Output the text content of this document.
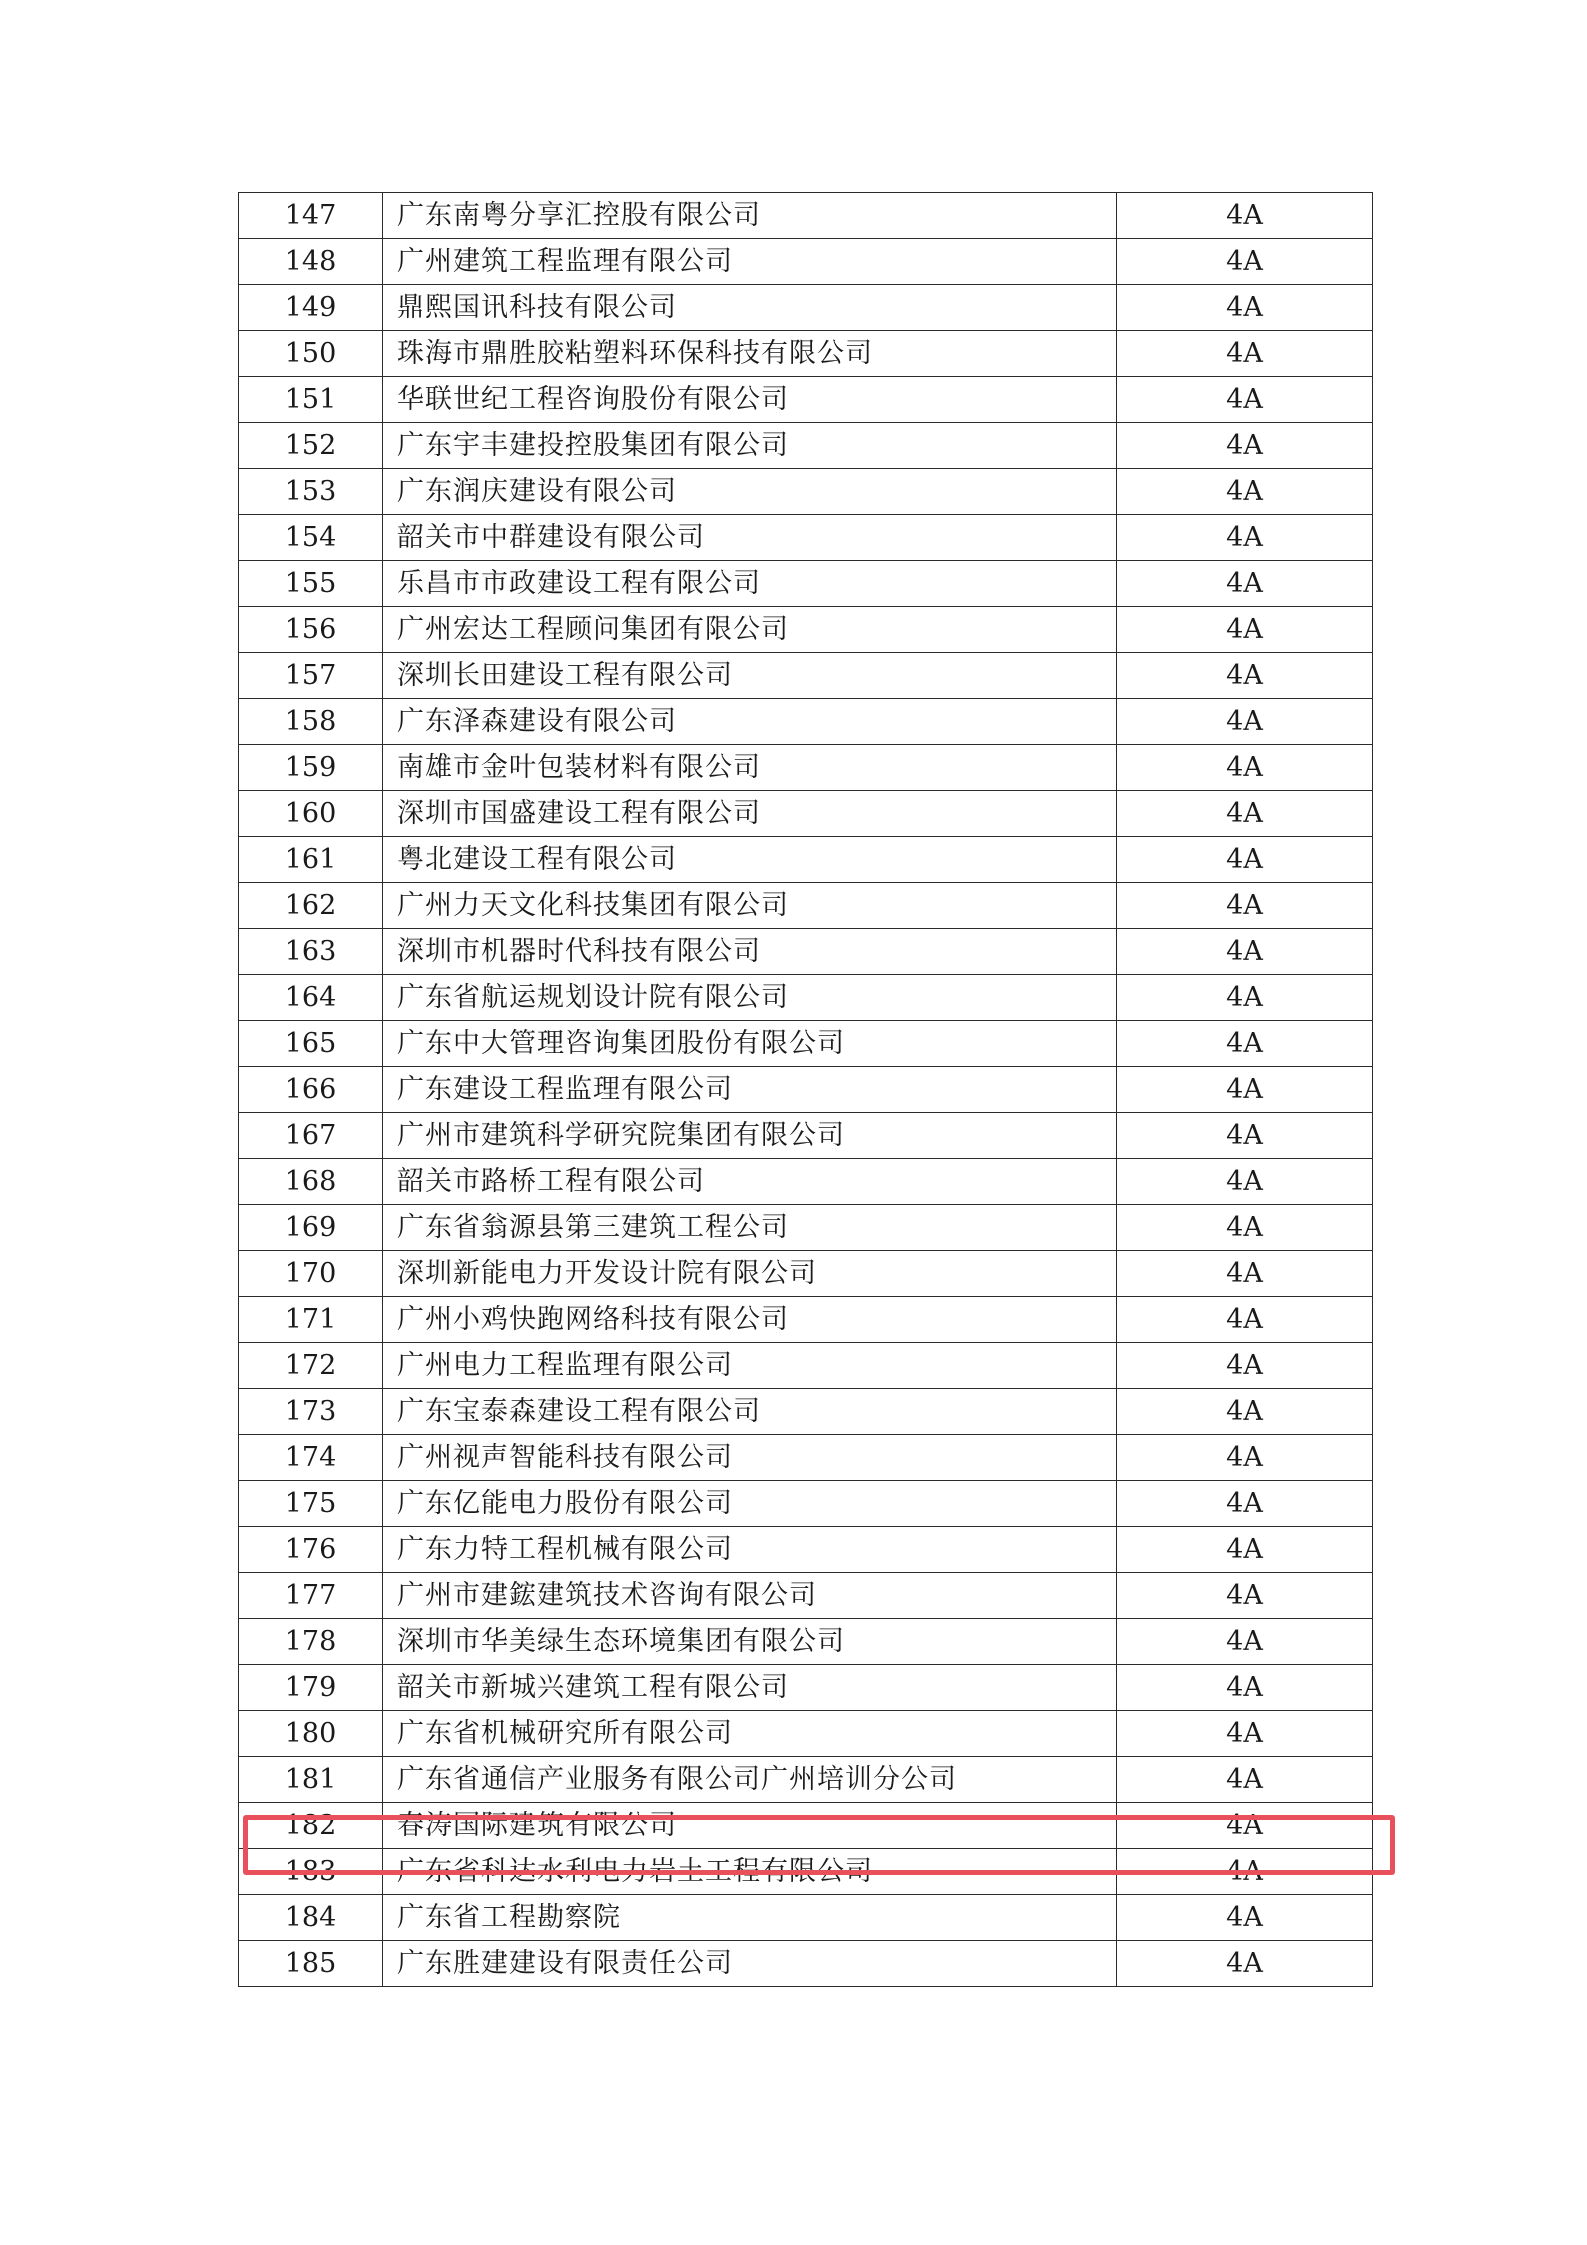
147	广东南粤分享汇控股有限公司	4A
148	广州建筑工程监理有限公司	4A
149	鼎熙国讯科技有限公司	4A
150	珠海市鼎胜胶粘塑料环保科技有限公司	4A
151	华联世纪工程咨询股份有限公司	4A
152	广东宇丰建投控股集团有限公司	4A
153	广东润庆建设有限公司	4A
154	韶关市中群建设有限公司	4A
155	乐昌市市政建设工程有限公司	4A
156	广州宏达工程顾问集团有限公司	4A
157	深圳长田建设工程有限公司	4A
158	广东泽森建设有限公司	4A
159	南雄市金叶包装材料有限公司	4A
160	深圳市国盛建设工程有限公司	4A
161	粤北建设工程有限公司	4A
162	广州力天文化科技集团有限公司	4A
163	深圳市机器时代科技有限公司	4A
164	广东省航运规划设计院有限公司	4A
165	广东中大管理咨询集团股份有限公司	4A
166	广东建设工程监理有限公司	4A
167	广州市建筑科学研究院集团有限公司	4A
168	韶关市路桥工程有限公司	4A
169	广东省翁源县第三建筑工程公司	4A
170	深圳新能电力开发设计院有限公司	4A
171	广州小鸡快跑网络科技有限公司	4A
172	广州电力工程监理有限公司	4A
173	广东宝泰森建设工程有限公司	4A
174	广州视声智能科技有限公司	4A
175	广东亿能电力股份有限公司	4A
176	广东力特工程机械有限公司	4A
177	广州市建鋐建筑技术咨询有限公司	4A
178	深圳市华美绿生态环境集团有限公司	4A
179	韶关市新城兴建筑工程有限公司	4A
180	广东省机械研究所有限公司	4A
181	广东省通信产业服务有限公司广州培训分公司	4A
182	春涛国际建筑有限公司	4A
183	广东省科达水利电力岩土工程有限公司	4A
184	广东省工程勘察院	4A
185	广东胜建建设有限责任公司	4A
